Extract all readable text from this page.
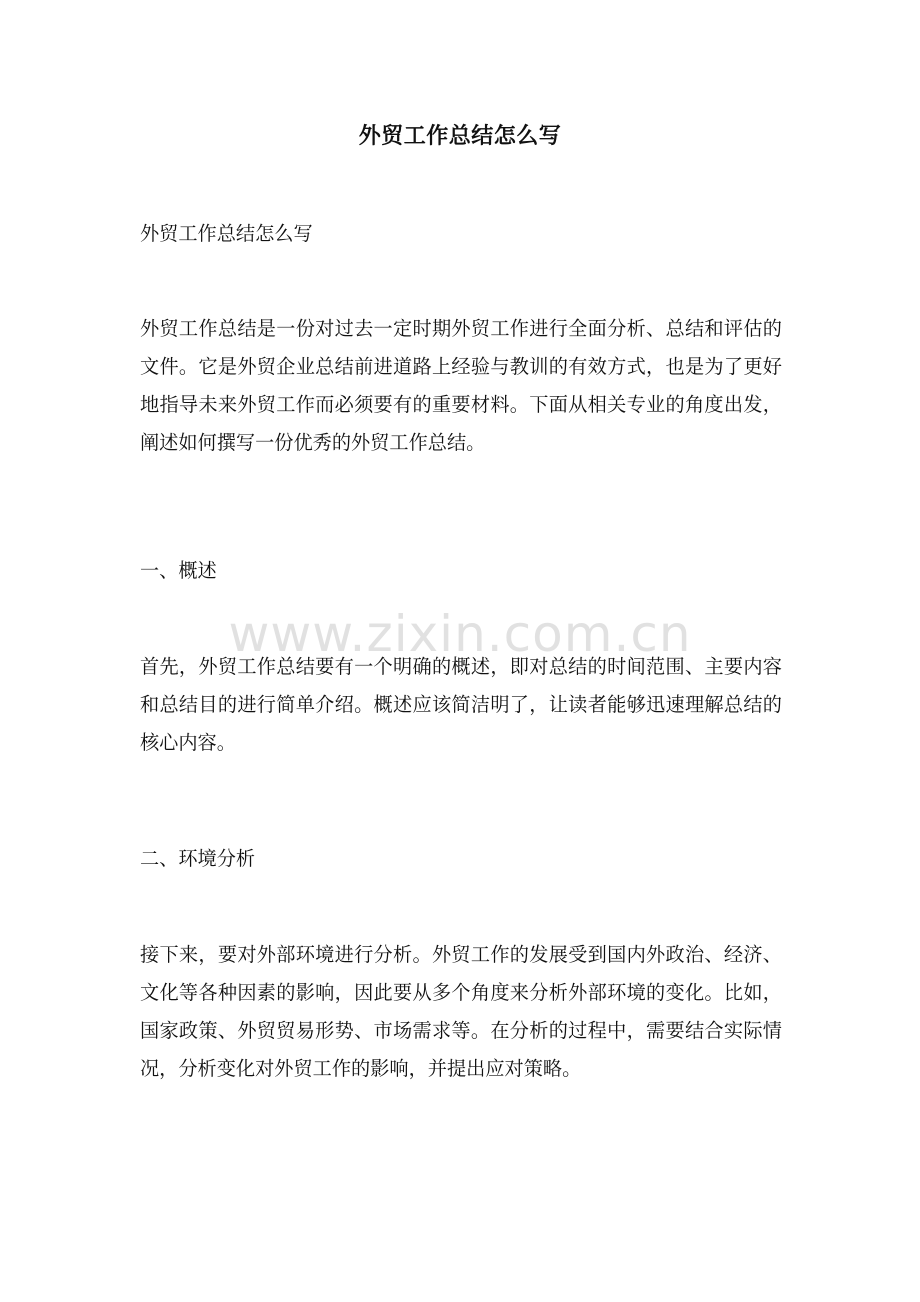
外贸工作总结怎么写
外贸工作总结怎么写
外贸工作总结是一份对过去一定时期外贸工作进行全面分析、总结和评估的文件。它是外贸企业总结前进道路上经验与教训的有效方式，也是为了更好地指导未来外贸工作而必须要有的重要材料。下面从相关专业的角度出发，阐述如何撰写一份优秀的外贸工作总结。
一、概述
首先，外贸工作总结要有一个明确的概述，即对总结的时间范围、主要内容和总结目的进行简单介绍。概述应该简洁明了，让读者能够迅速理解总结的核心内容。
二、环境分析
接下来，要对外部环境进行分析。外贸工作的发展受到国内外政治、经济、文化等各种因素的影响，因此要从多个角度来分析外部环境的变化。比如，国家政策、外贸贸易形势、市场需求等。在分析的过程中，需要结合实际情况，分析变化对外贸工作的影响，并提出应对策略。
www.zixin.com.cn
